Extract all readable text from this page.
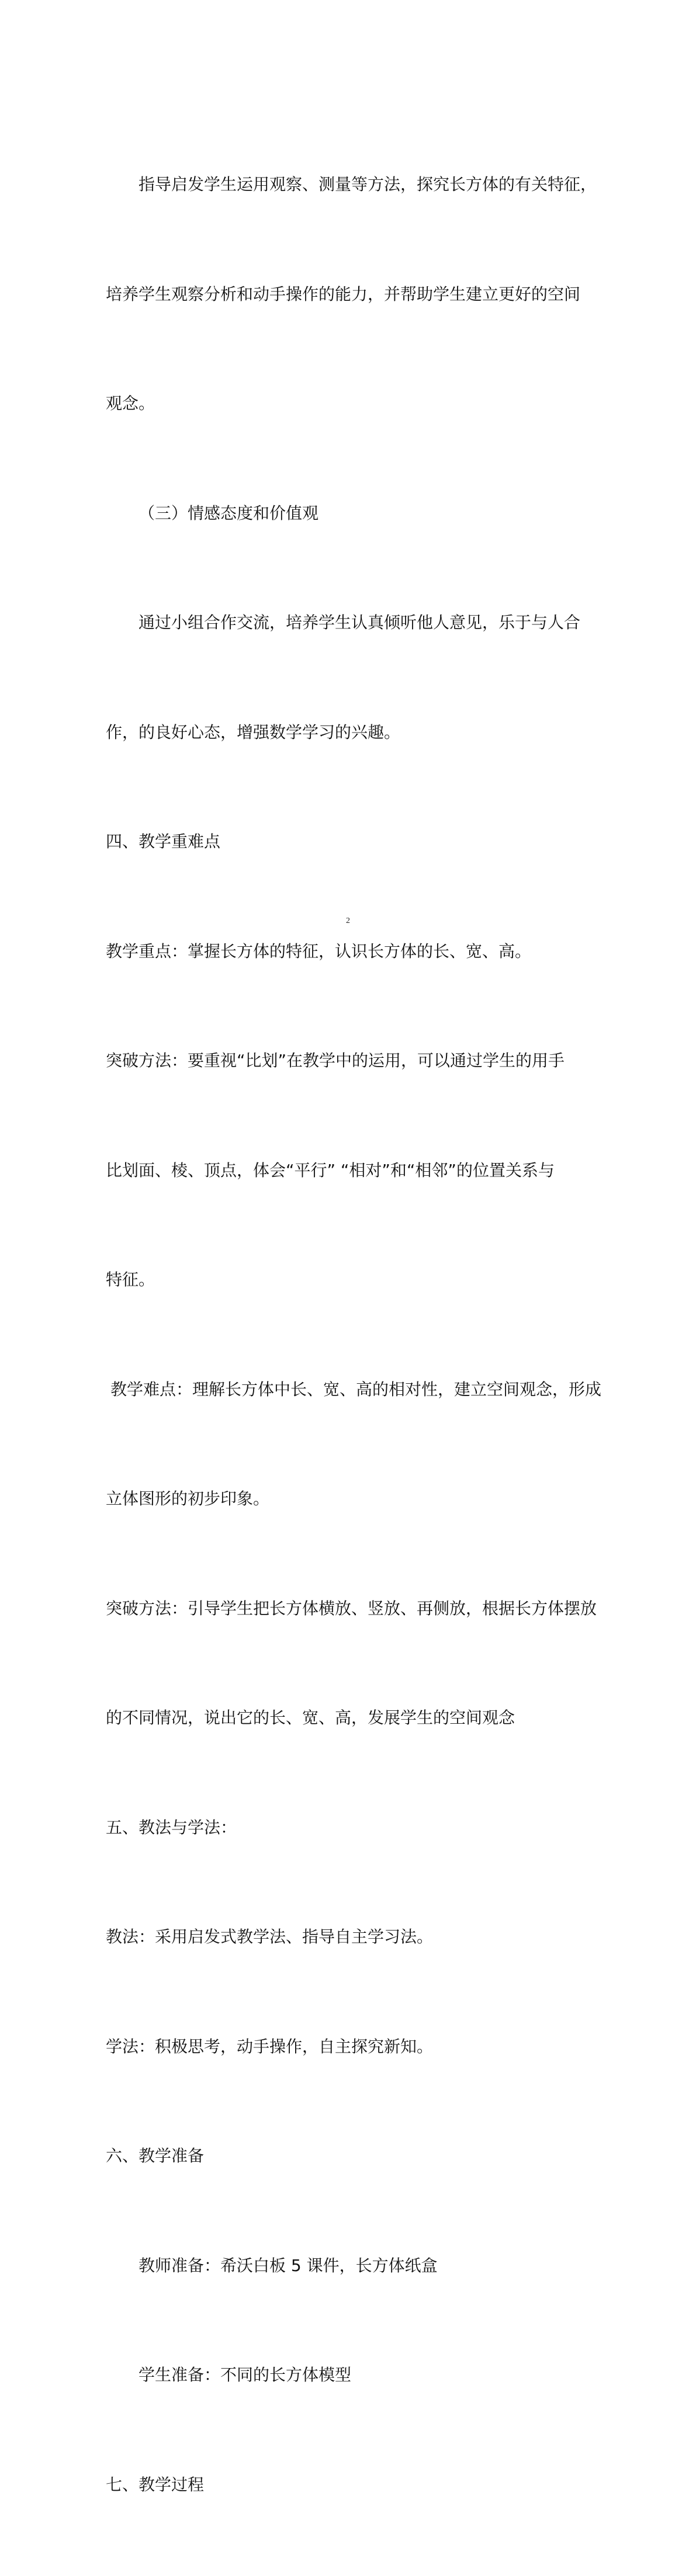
指导启发学生运用观察、测量等方法，探究长方体的有关特征，

培养学生观察分析和动手操作的能力，并帮助学生建立更好的空间

观念。

（三）情感态度和价值观

通过小组合作交流，培养学生认真倾听他人意见，乐于与人合

作，的良好心态，增强数学学习的兴趣。

四、教学重难点

教学重点：掌握长方体的特征，认识长方体的长、宽、高。

突破方法：要重视“比划”在教学中的运用，可以通过学生的用手

比划面、棱、顶点，体会“平行” “相对”和“相邻”的位置关系与

特征。

教学难点：理解长方体中长、宽、高的相对性，建立空间观念，形成

立体图形的初步印象。

突破方法：引导学生把长方体横放、竖放、再侧放，根据长方体摆放

的不同情况，说出它的长、宽、高，发展学生的空间观念

五、教法与学法：

教法：采用启发式教学法、指导自主学习法。

学法：积极思考，动手操作，自主探究新知。

六、教学准备

教师准备：希沃白板 5 课件，长方体纸盒

学生准备：不同的长方体模型

七、教学过程

2
